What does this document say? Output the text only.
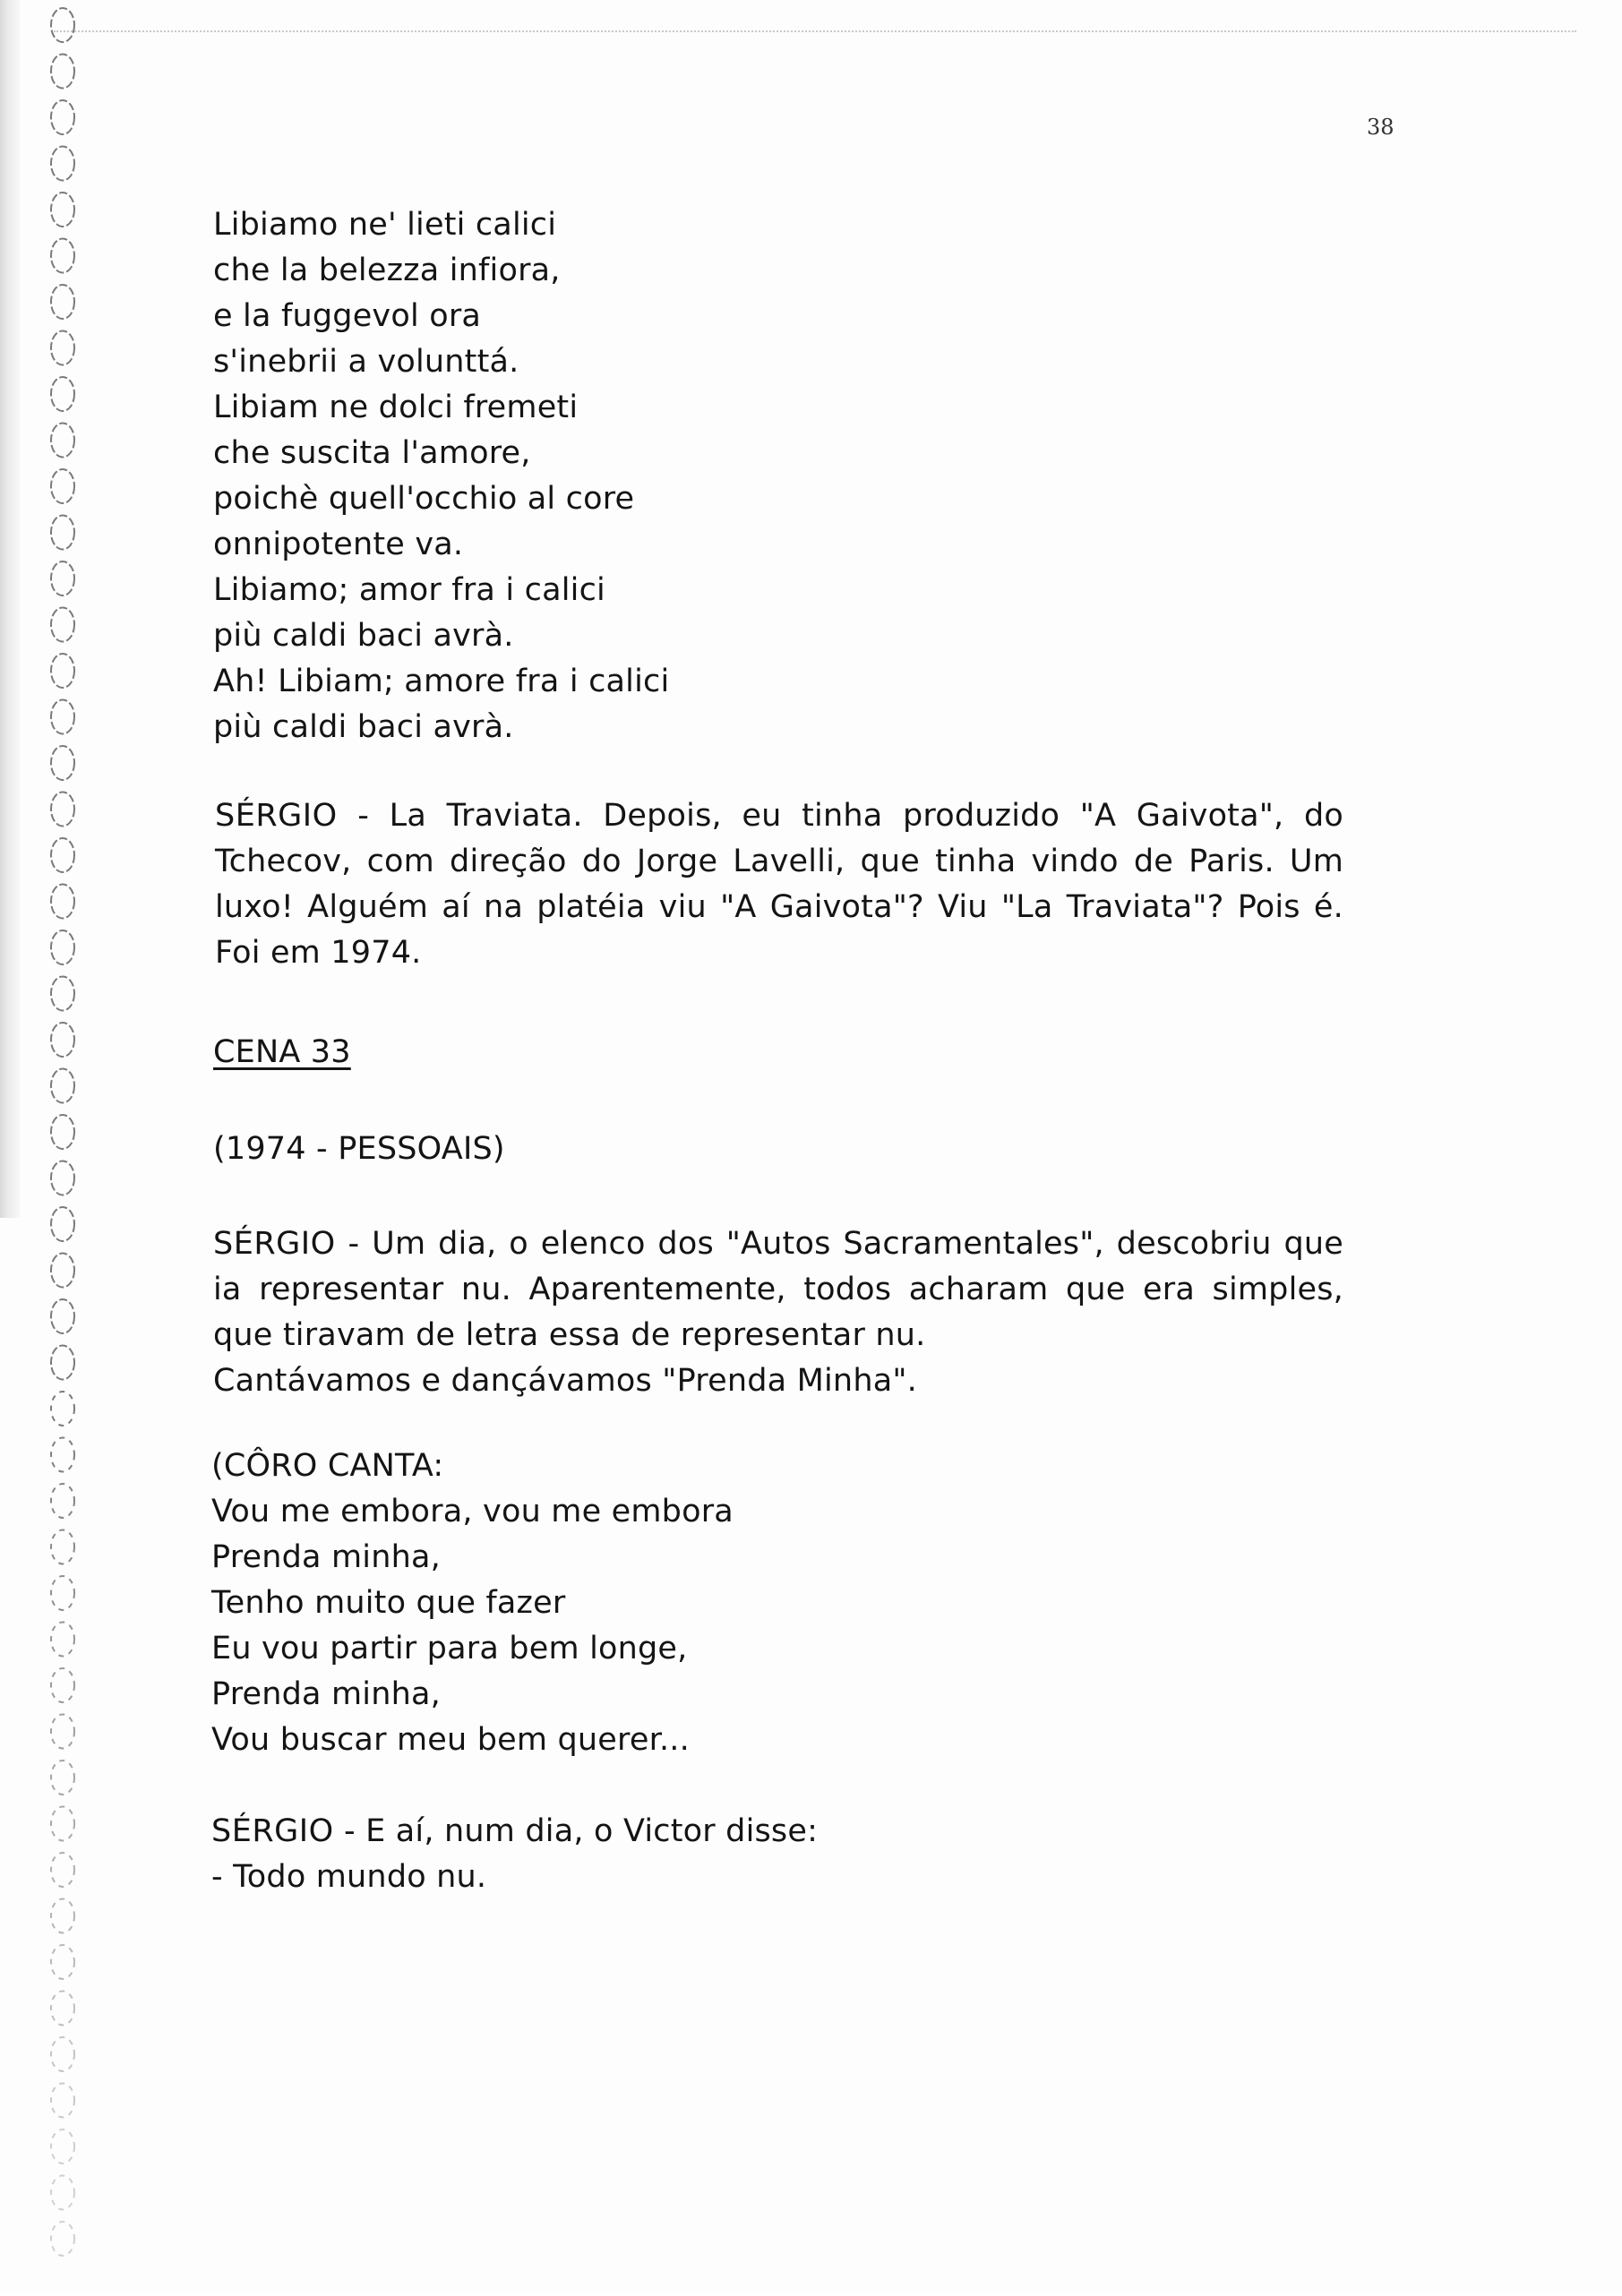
38
Libiamo ne' lieti calici
che la belezza infiora,
e la fuggevol ora
s'inebrii a volunttá.
Libiam ne dolci fremeti
che suscita l'amore,
poichè quell'occhio al core
onnipotente va.
Libiamo; amor fra i calici
più caldi baci avrà.
Ah! Libiam; amore fra i calici
più caldi baci avrà.
SÉRGIO - La Traviata. Depois, eu tinha produzido "A Gaivota", do Tchecov, com direção do Jorge Lavelli, que tinha vindo de Paris. Um luxo! Alguém aí na platéia viu "A Gaivota"? Viu "La Traviata"? Pois é. Foi em 1974.
CENA 33
(1974 - PESSOAIS)
SÉRGIO - Um dia, o elenco dos "Autos Sacramentales", descobriu que ia representar nu. Aparentemente, todos acharam que era simples, que tiravam de letra essa de representar nu.
Cantávamos e dançávamos "Prenda Minha".
(CÔRO CANTA:
Vou me embora, vou me embora
Prenda minha,
Tenho muito que fazer
Eu vou partir para bem longe,
Prenda minha,
Vou buscar meu bem querer...
SÉRGIO - E aí, num dia, o Victor disse:
- Todo mundo nu.
